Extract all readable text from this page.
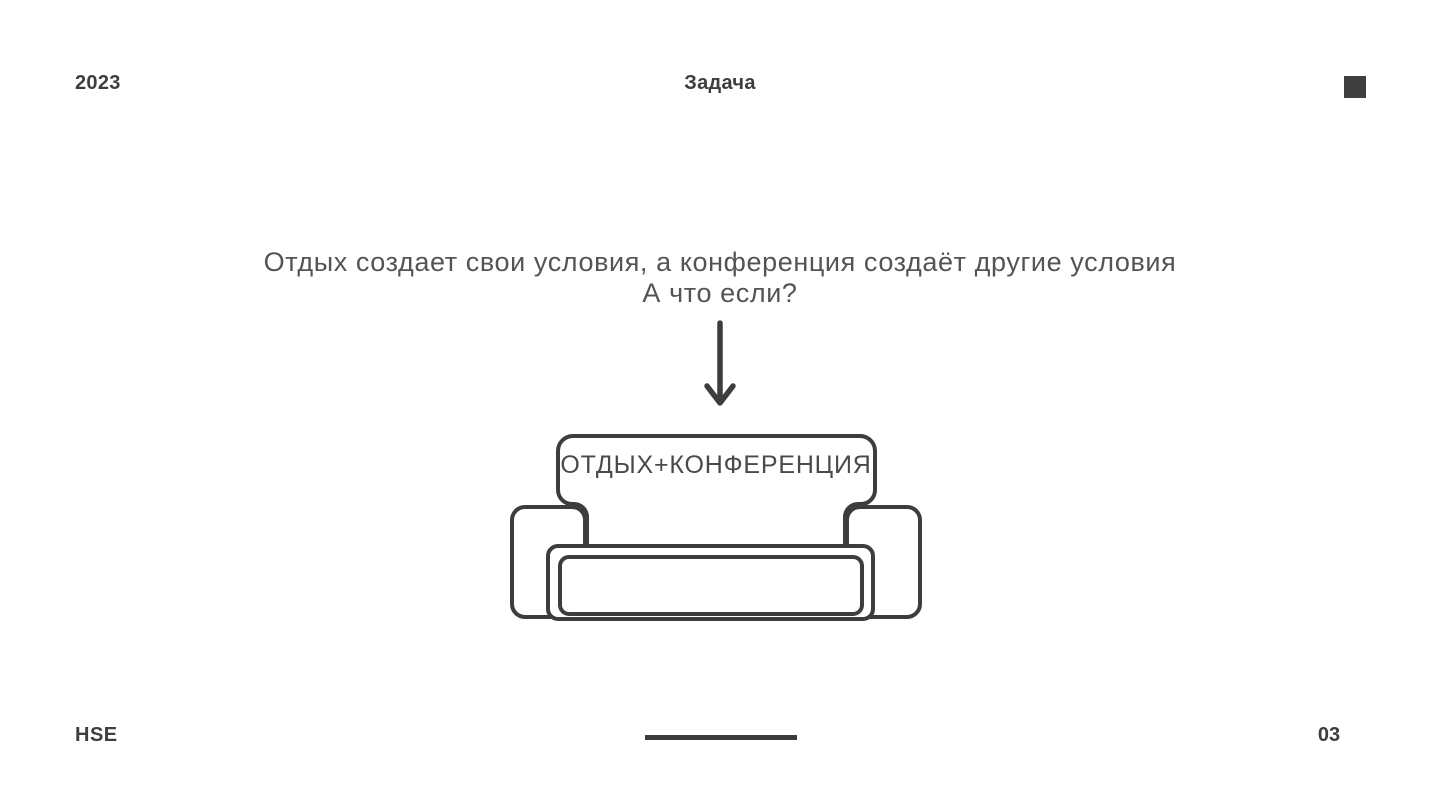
2023	Задача
Отдых создает свои условия, а конференция создаёт другие условия
А что если?
ОТДЫХ+КОНФЕРЕНЦИЯ
HSE	03
